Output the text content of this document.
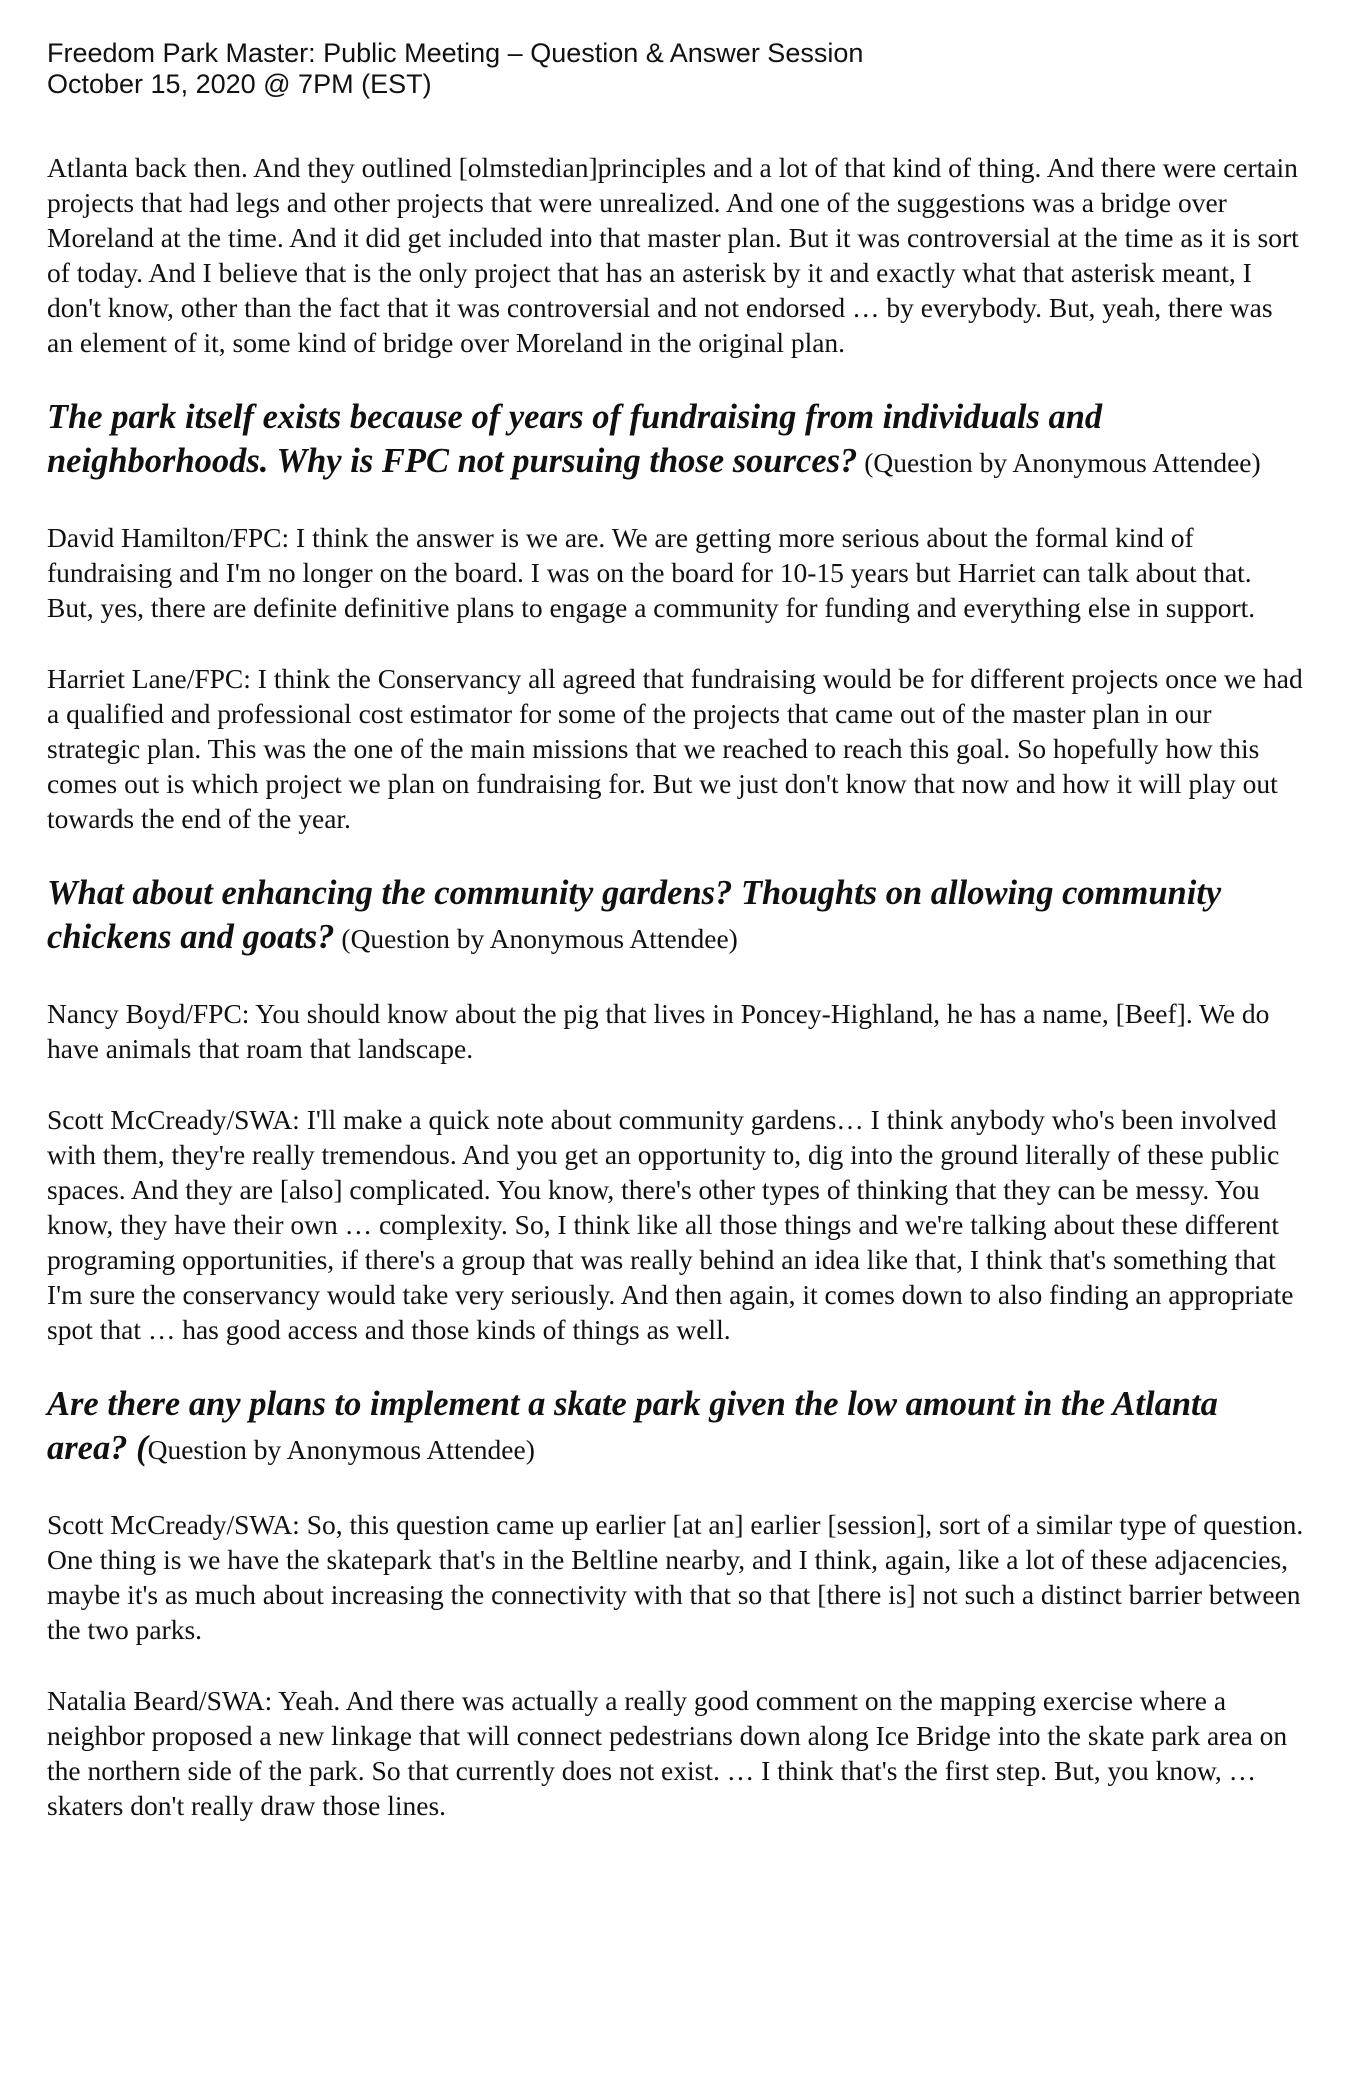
Freedom Park Master: Public Meeting – Question & Answer Session
October 15, 2020 @ 7PM (EST)

Atlanta back then. And they outlined [olmstedian]principles and a lot of that kind of thing. And there were certain projects that had legs and other projects that were unrealized. And one of the suggestions was a bridge over Moreland at the time. And it did get included into that master plan. But it was controversial at the time as it is sort of today. And I believe that is the only project that has an asterisk by it and exactly what that asterisk meant, I don't know, other than the fact that it was controversial and not endorsed … by everybody. But, yeah, there was an element of it, some kind of bridge over Moreland in the original plan.

The park itself exists because of years of fundraising from individuals and neighborhoods. Why is FPC not pursuing those sources? (Question by Anonymous Attendee)

David Hamilton/FPC: I think the answer is we are. We are getting more serious about the formal kind of fundraising and I'm no longer on the board. I was on the board for 10-15 years but Harriet can talk about that. But, yes, there are definite definitive plans to engage a community for funding and everything else in support.

Harriet Lane/FPC: I think the Conservancy all agreed that fundraising would be for different projects once we had a qualified and professional cost estimator for some of the projects that came out of the master plan in our strategic plan. This was the one of the main missions that we reached to reach this goal. So hopefully how this comes out is which project we plan on fundraising for. But we just don't know that now and how it will play out towards the end of the year.

What about enhancing the community gardens? Thoughts on allowing community chickens and goats? (Question by Anonymous Attendee)

Nancy Boyd/FPC: You should know about the pig that lives in Poncey-Highland, he has a name, [Beef]. We do have animals that roam that landscape.

Scott McCready/SWA: I'll make a quick note about community gardens… I think anybody who's been involved with them, they're really tremendous. And you get an opportunity to, dig into the ground literally of these public spaces. And they are [also] complicated. You know, there's other types of thinking that they can be messy. You know, they have their own … complexity. So, I think like all those things and we're talking about these different programing opportunities, if there's a group that was really behind an idea like that, I think that's something that I'm sure the conservancy would take very seriously. And then again, it comes down to also finding an appropriate spot that … has good access and those kinds of things as well.

Are there any plans to implement a skate park given the low amount in the Atlanta area? (Question by Anonymous Attendee)

Scott McCready/SWA: So, this question came up earlier [at an] earlier [session], sort of a similar type of question. One thing is we have the skatepark that's in the Beltline nearby, and I think, again, like a lot of these adjacencies, maybe it's as much about increasing the connectivity with that so that [there is] not such a distinct barrier between the two parks.

Natalia Beard/SWA: Yeah. And there was actually a really good comment on the mapping exercise where a neighbor proposed a new linkage that will connect pedestrians down along Ice Bridge into the skate park area on the northern side of the park. So that currently does not exist. … I think that's the first step. But, you know, … skaters don't really draw those lines.
